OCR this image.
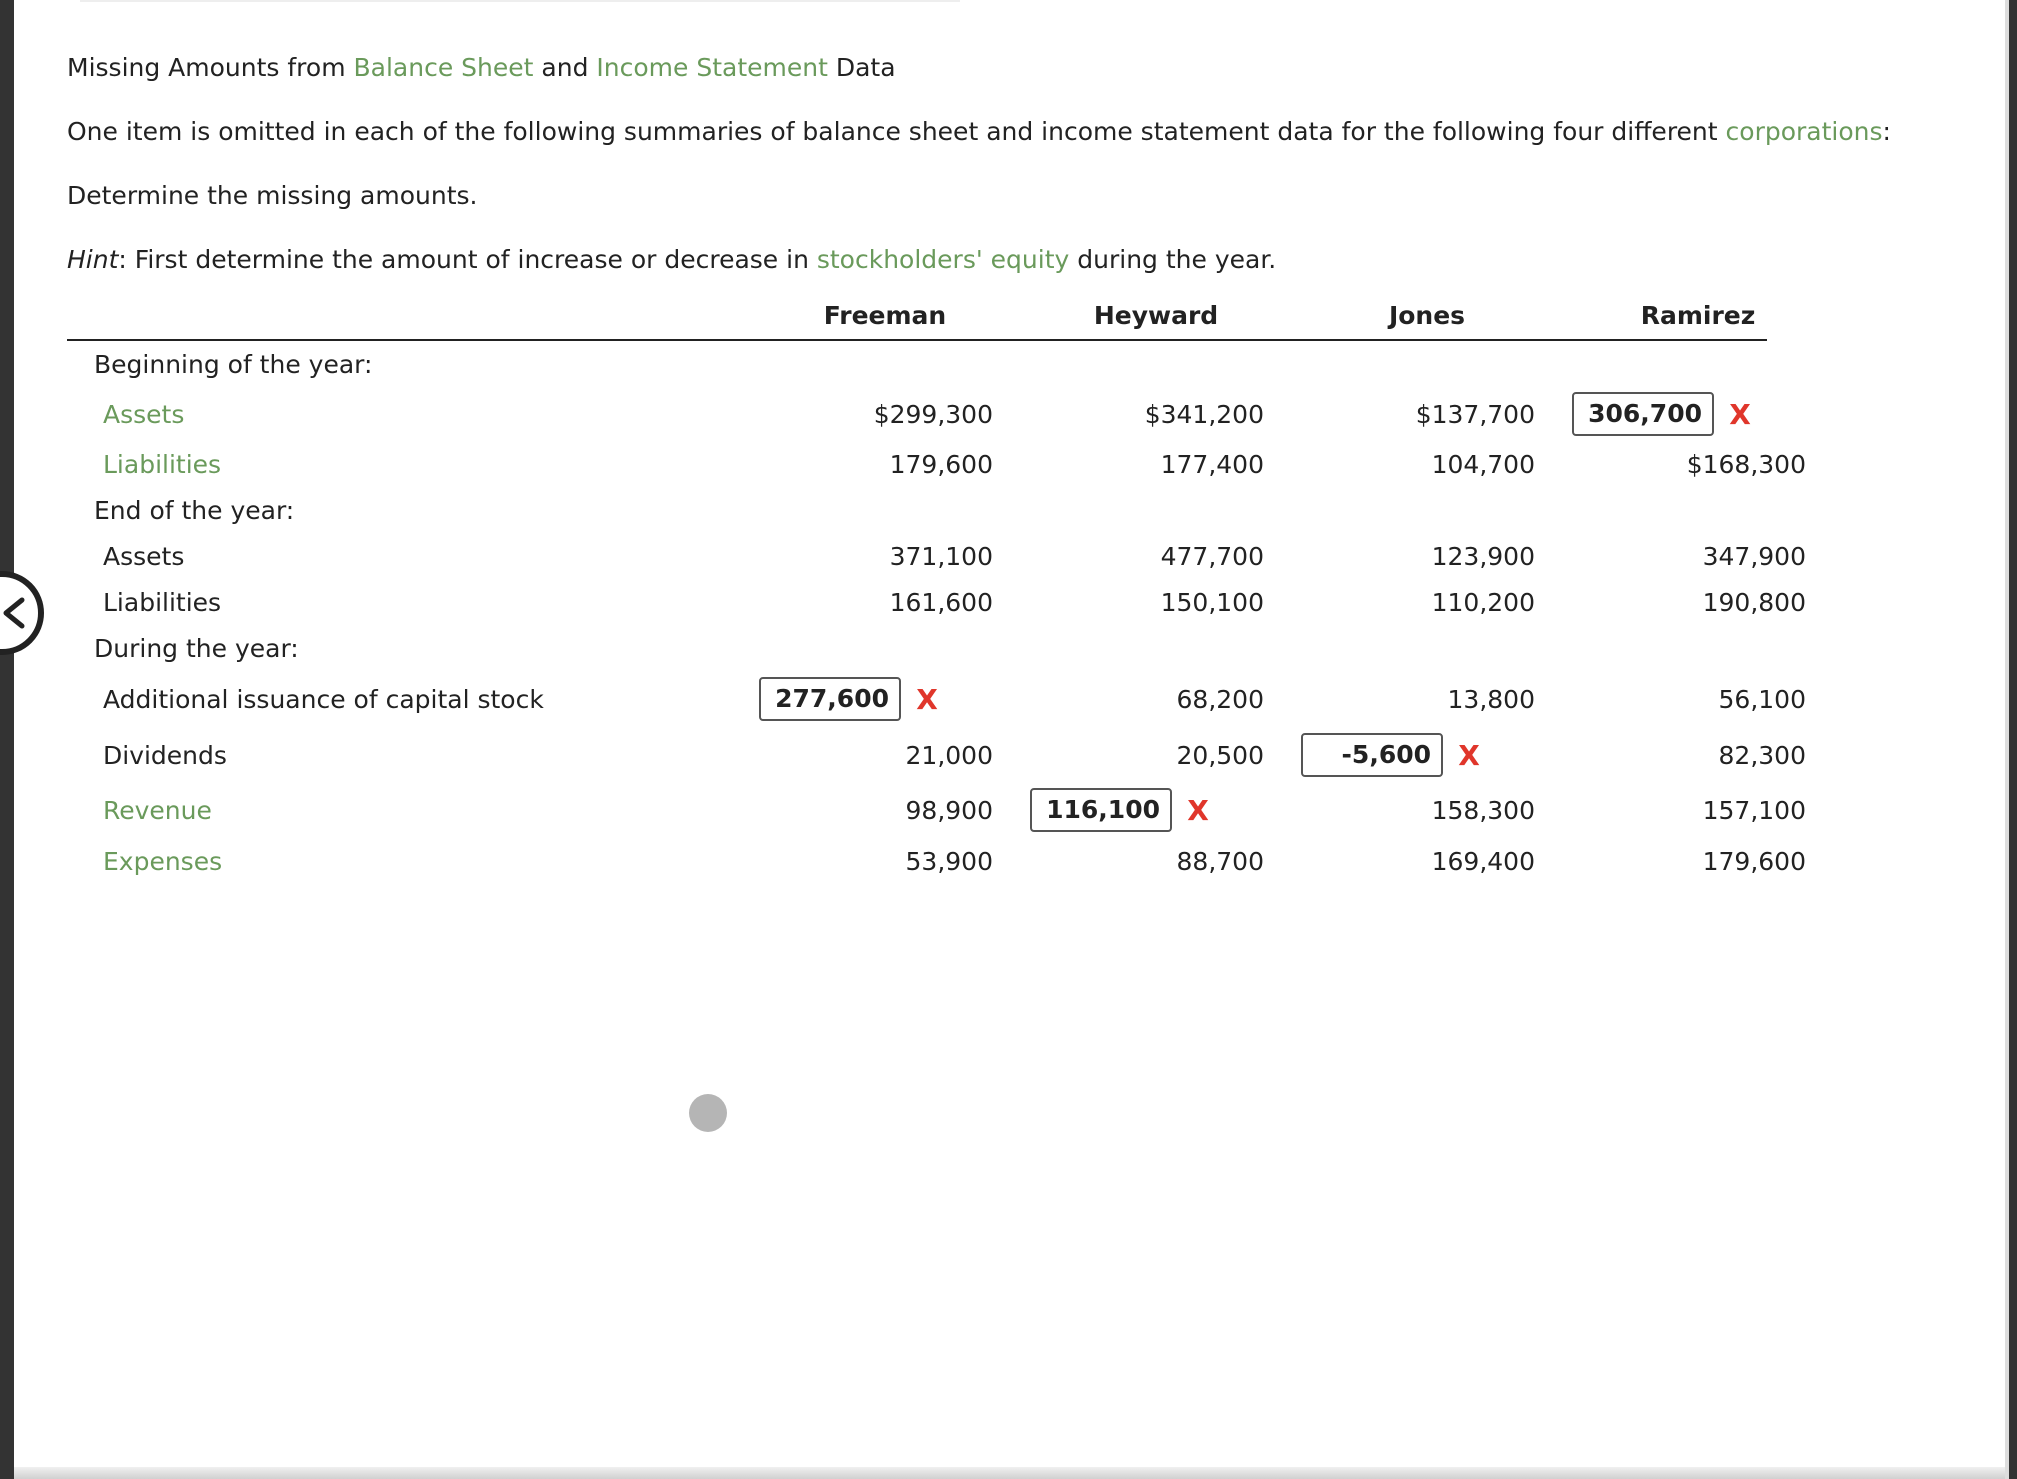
Missing Amounts from Balance Sheet and Income Statement Data
One item is omitted in each of the following summaries of balance sheet and income statement data for the following four different corporations:
Determine the missing amounts.
Hint: First determine the amount of increase or decrease in stockholders' equity during the year.
Freeman	Heyward	Jones	Ramirez
Beginning of the year:
Assets	$299,300	$341,200	$137,700	306,700 X
Liabilities	179,600	177,400	104,700	$168,300
End of the year:
Assets	371,100	477,700	123,900	347,900
Liabilities	161,600	150,100	110,200	190,800
During the year:
Additional issuance of capital stock	277,600 X	68,200	13,800	56,100
Dividends	21,000	20,500	-5,600 X	82,300
Revenue	98,900	116,100 X	158,300	157,100
Expenses	53,900	88,700	169,400	179,600
